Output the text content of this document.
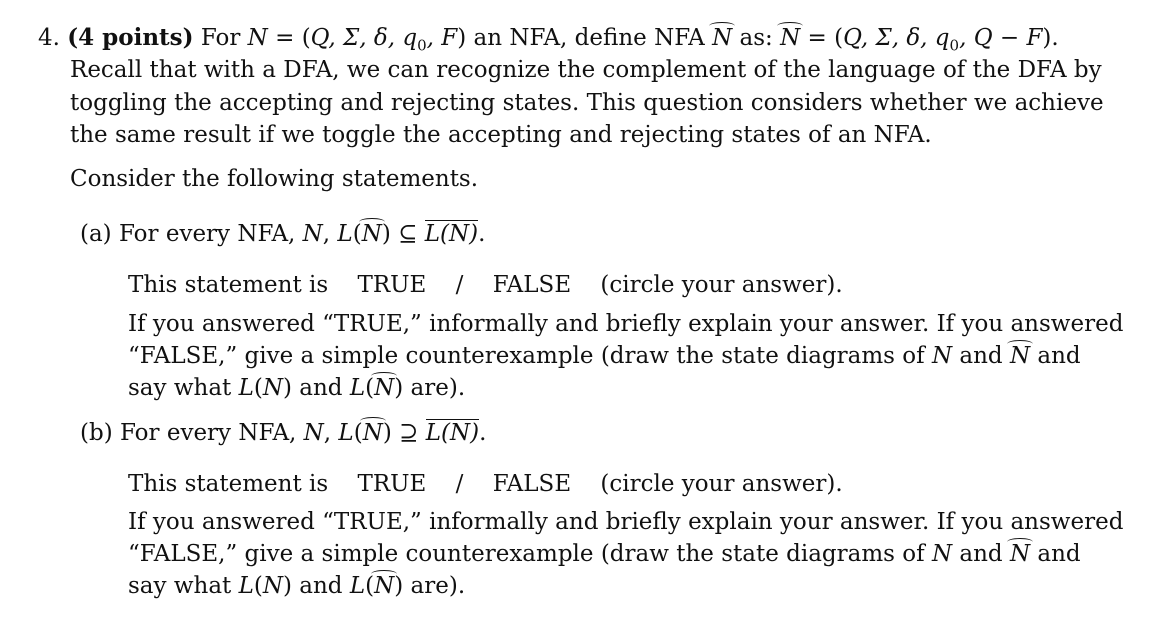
4. (4 points) For N = (Q, Σ, δ, $q_0$, F) an NFA, define NFA N as: N = (Q, Σ, δ, $q_0$, Q − F).
Recall that with a DFA, we can recognize the complement of the language of the DFA by
toggling the accepting and rejecting states. This question considers whether we achieve
the same result if we toggle the accepting and rejecting states of an NFA.
Consider the following statements.
(a) For every NFA, N, L(N) ⊆ L(N).
This statement is TRUE / FALSE (circle your answer).
If you answered “TRUE,” informally and briefly explain your answer. If you answered
“FALSE,” give a simple counterexample (draw the state diagrams of N and N and
say what L(N) and L(N) are).
(b) For every NFA, N, L(N) ⊇ L(N).
This statement is TRUE / FALSE (circle your answer).
If you answered “TRUE,” informally and briefly explain your answer. If you answered
“FALSE,” give a simple counterexample (draw the state diagrams of N and N and
say what L(N) and L(N) are).
